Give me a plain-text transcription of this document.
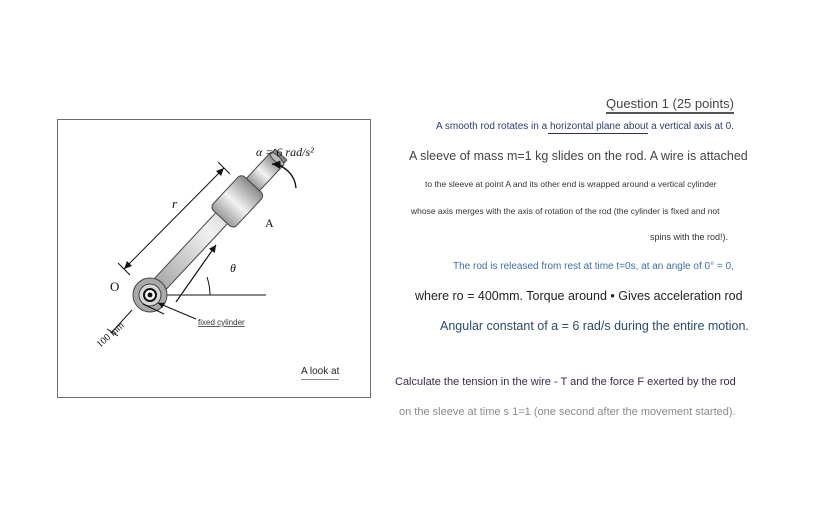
α = 6 rad/s²
r
A
O
θ
100 mm	fixed cylinder
A look at
Question 1 (25 points)
A smooth rod rotates in a horizontal plane about a vertical axis at 0.
A sleeve of mass m=1 kg slides on the rod. A wire is attached
to the sleeve at point A and its other end is wrapped around a vertical cylinder
whose axis merges with the axis of rotation of the rod (the cylinder is fixed and not
spins with the rod!).
The rod is released from rest at time t=0s, at an angle of 0° = 0,
where ro = 400mm. Torque around • Gives acceleration rod
Angular constant of a = 6 rad/s during the entire motion.
Calculate the tension in the wire - T and the force F exerted by the rod
on the sleeve at time s 1=1 (one second after the movement started).
